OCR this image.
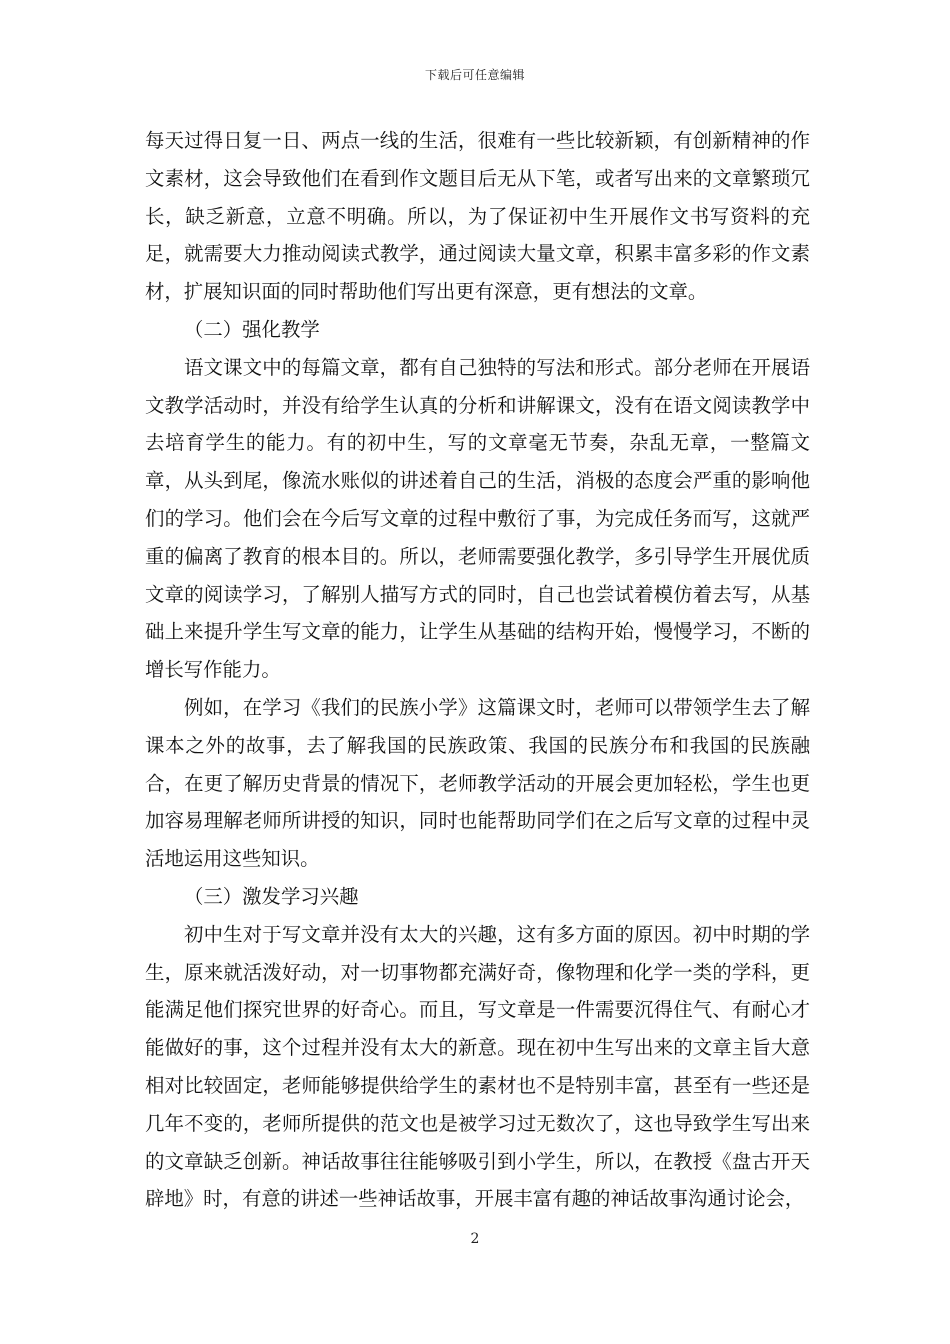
下载后可任意编辑

每天过得日复一日、两点一线的生活，很难有一些比较新颖，有创新精神的作文素材，这会导致他们在看到作文题目后无从下笔，或者写出来的文章繁琐冗长，缺乏新意，立意不明确。所以，为了保证初中生开展作文书写资料的充足，就需要大力推动阅读式教学，通过阅读大量文章，积累丰富多彩的作文素材，扩展知识面的同时帮助他们写出更有深意，更有想法的文章。

（二）强化教学

语文课文中的每篇文章，都有自己独特的写法和形式。部分老师在开展语文教学活动时，并没有给学生认真的分析和讲解课文，没有在语文阅读教学中去培育学生的能力。有的初中生，写的文章毫无节奏，杂乱无章，一整篇文章，从头到尾，像流水账似的讲述着自己的生活，消极的态度会严重的影响他们的学习。他们会在今后写文章的过程中敷衍了事，为完成任务而写，这就严重的偏离了教育的根本目的。所以，老师需要强化教学，多引导学生开展优质文章的阅读学习，了解别人描写方式的同时，自己也尝试着模仿着去写，从基础上来提升学生写文章的能力，让学生从基础的结构开始，慢慢学习，不断的增长写作能力。

例如，在学习《我们的民族小学》这篇课文时，老师可以带领学生去了解课本之外的故事，去了解我国的民族政策、我国的民族分布和我国的民族融合，在更了解历史背景的情况下，老师教学活动的开展会更加轻松，学生也更加容易理解老师所讲授的知识，同时也能帮助同学们在之后写文章的过程中灵活地运用这些知识。

（三）激发学习兴趣

初中生对于写文章并没有太大的兴趣，这有多方面的原因。初中时期的学生，原来就活泼好动，对一切事物都充满好奇，像物理和化学一类的学科，更能满足他们探究世界的好奇心。而且，写文章是一件需要沉得住气、有耐心才能做好的事，这个过程并没有太大的新意。现在初中生写出来的文章主旨大意相对比较固定，老师能够提供给学生的素材也不是特别丰富，甚至有一些还是几年不变的，老师所提供的范文也是被学习过无数次了，这也导致学生写出来的文章缺乏创新。神话故事往往能够吸引到小学生，所以，在教授《盘古开天辟地》时，有意的讲述一些神话故事，开展丰富有趣的神话故事沟通讨论会，

2
